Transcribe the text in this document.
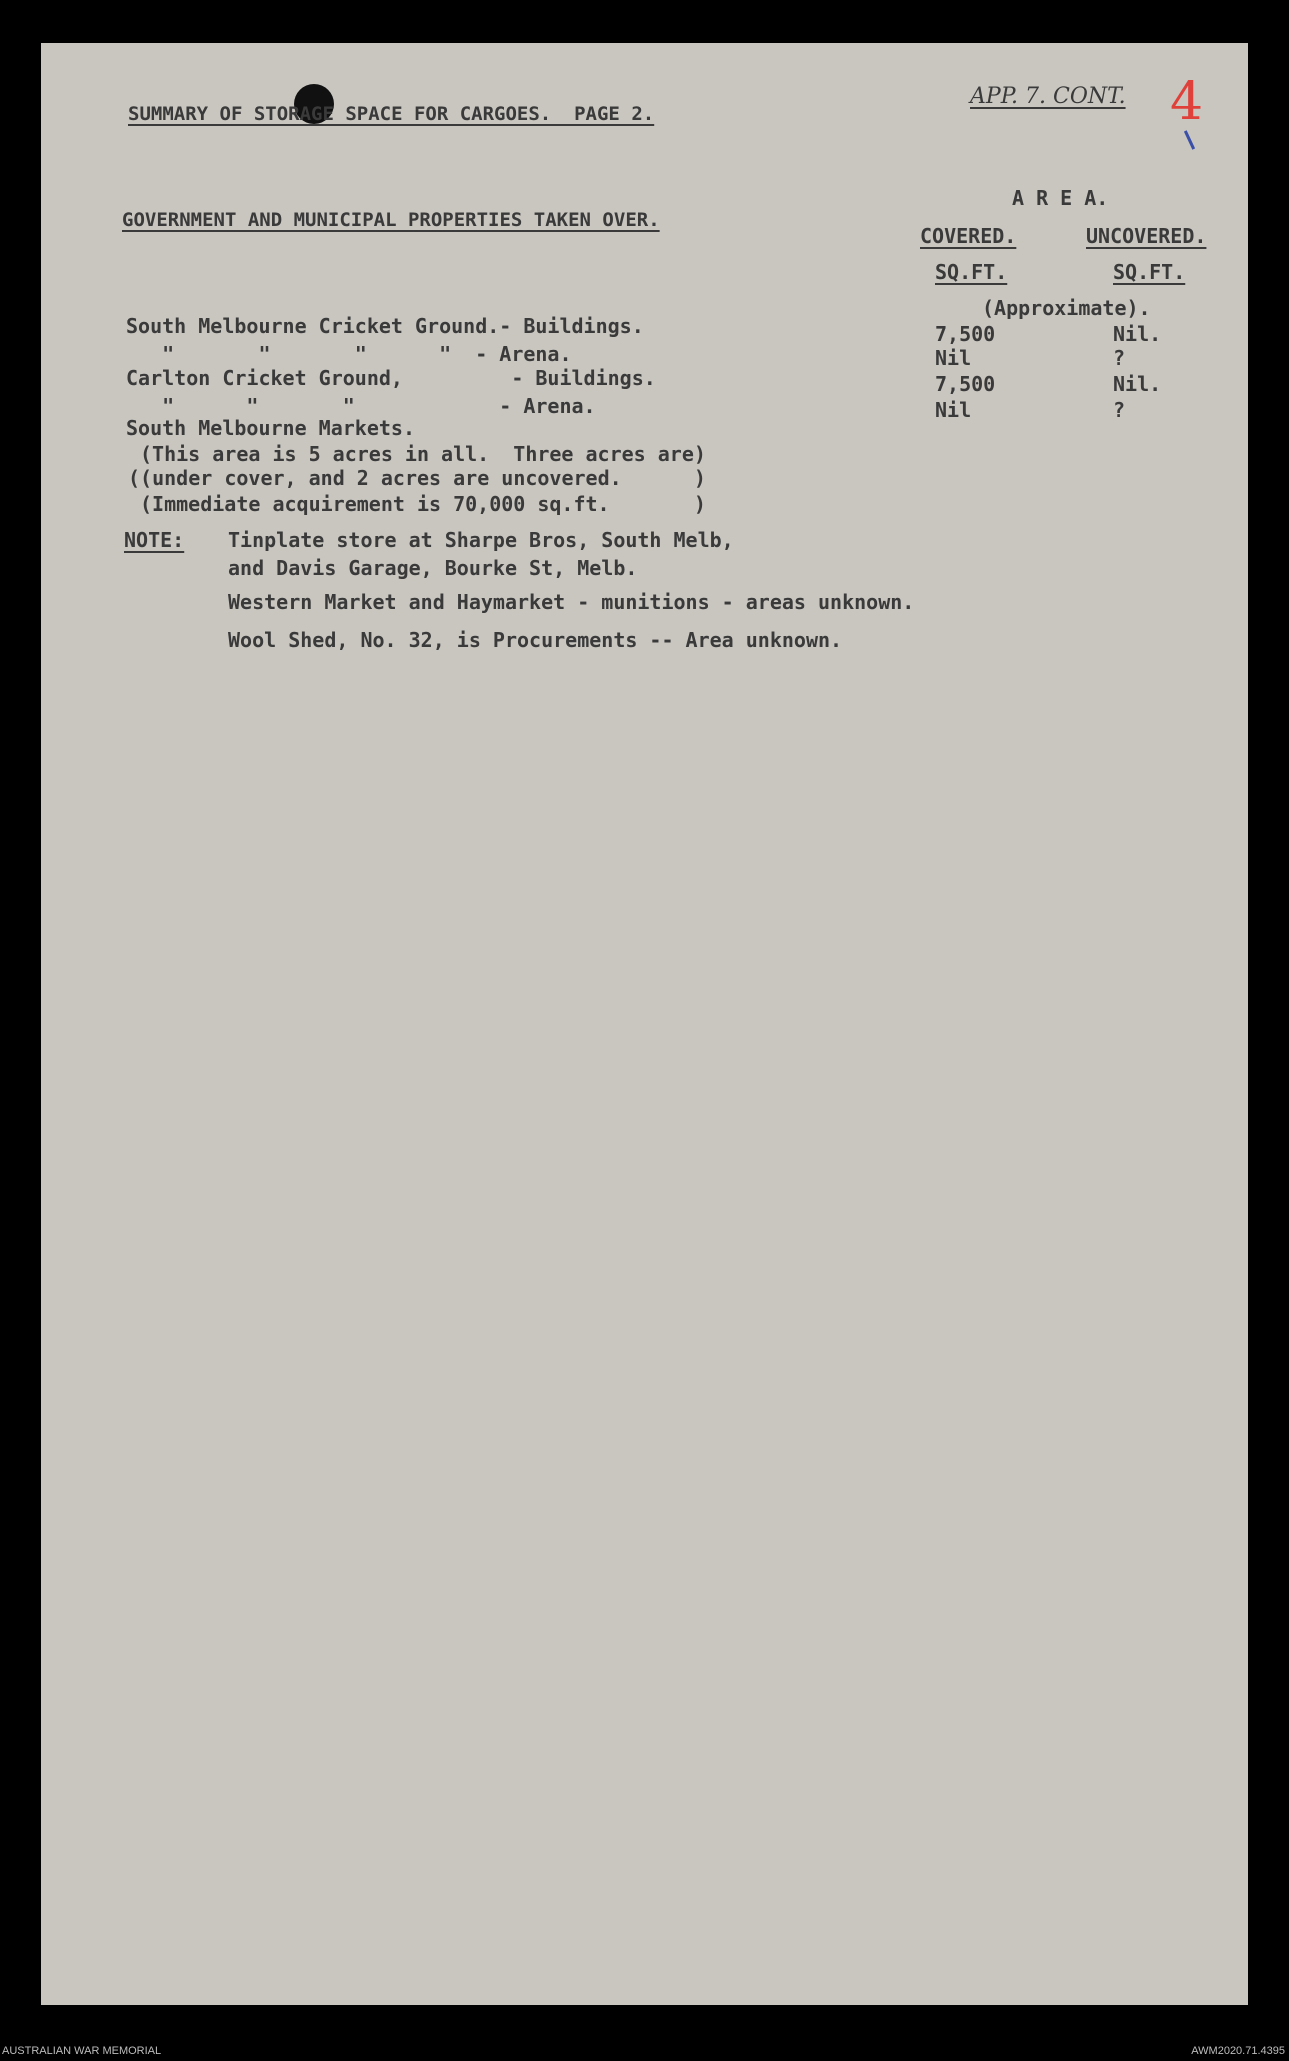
SUMMARY OF STORAGE SPACE FOR CARGOES.  PAGE 2.
APP. 7. CONT. 4
GOVERNMENT AND MUNICIPAL PROPERTIES TAKEN OVER.
A R E A.
COVERED.	UNCOVERED.
SQ.FT.	SQ.FT.
(Approximate).
South Melbourne Cricket Ground.- Buildings.	7,500	Nil.
"       "       "      "  - Arena.	Nil	?
Carlton Cricket Ground,         - Buildings.	7,500	Nil.
"      "       "            - Arena.	Nil	?
South Melbourne Markets.
(This area is 5 acres in all.  Three acres are)
((under cover, and 2 acres are uncovered.      )
(Immediate acquirement is 70,000 sq.ft.       )
NOTE: Tinplate store at Sharpe Bros, South Melb,
and Davis Garage, Bourke St, Melb.
Western Market and Haymarket - munitions - areas unknown.
Wool Shed, No. 32, is Procurements -- Area unknown.
AUSTRALIAN WAR MEMORIAL	AWM2020.71.4395
